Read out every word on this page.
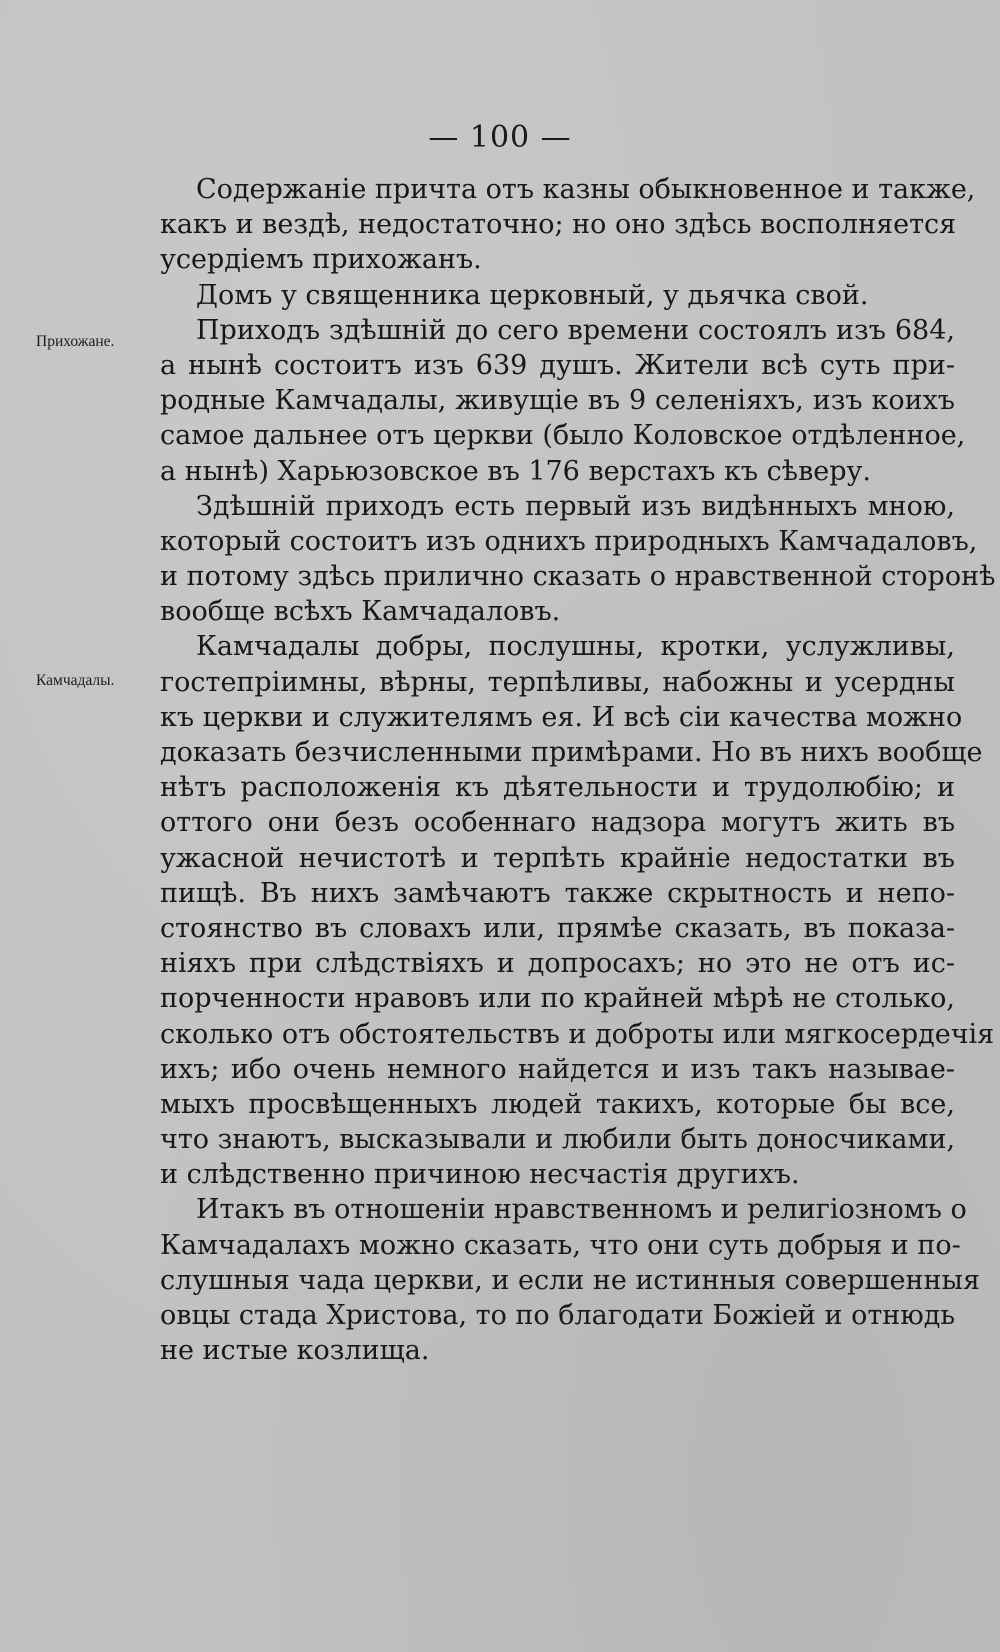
— 100 —
Прихожане.
Камчадалы.
Содержаніе причта отъ казны обыкновенное и также,
какъ и вездѣ, недостаточно; но оно здѣсь восполняется
усердіемъ прихожанъ.
Домъ у священника церковный, у дьячка свой.
Приходъ здѣшній до сего времени состоялъ изъ 684,
а нынѣ состоитъ изъ 639 душъ. Жители всѣ суть при-
родные Камчадалы, живущіе въ 9 селеніяхъ, изъ коихъ
самое дальнее отъ церкви (было Коловское отдѣленное,
а нынѣ) Харьюзовское въ 176 верстахъ къ сѣверу.
Здѣшній приходъ есть первый изъ видѣнныхъ мною,
который состоитъ изъ однихъ природныхъ Камчадаловъ,
и потому здѣсь прилично сказать о нравственной сторонѣ
вообще всѣхъ Камчадаловъ.
Камчадалы добры, послушны, кротки, услужливы,
гостепріимны, вѣрны, терпѣливы, набожны и усердны
къ церкви и служителямъ ея. И всѣ сіи качества можно
доказать безчисленными примѣрами. Но въ нихъ вообще
нѣтъ расположенія къ дѣятельности и трудолюбію; и
оттого они безъ особеннаго надзора могутъ жить въ
ужасной нечистотѣ и терпѣть крайніе недостатки въ
пищѣ. Въ нихъ замѣчаютъ также скрытность и непо-
стоянство въ словахъ или, прямѣе сказать, въ показа-
ніяхъ при слѣдствіяхъ и допросахъ; но это не отъ ис-
порченности нравовъ или по крайней мѣрѣ не столько,
сколько отъ обстоятельствъ и доброты или мягкосердечія
ихъ; ибо очень немного найдется и изъ такъ называе-
мыхъ просвѣщенныхъ людей такихъ, которые бы все,
что знаютъ, высказывали и любили быть доносчиками,
и слѣдственно причиною несчастія другихъ.
Итакъ въ отношеніи нравственномъ и религіозномъ о
Камчадалахъ можно сказать, что они суть добрыя и по-
слушныя чада церкви, и если не истинныя совершенныя
овцы стада Христова, то по благодати Божіей и отнюдь
не истые козлища.
